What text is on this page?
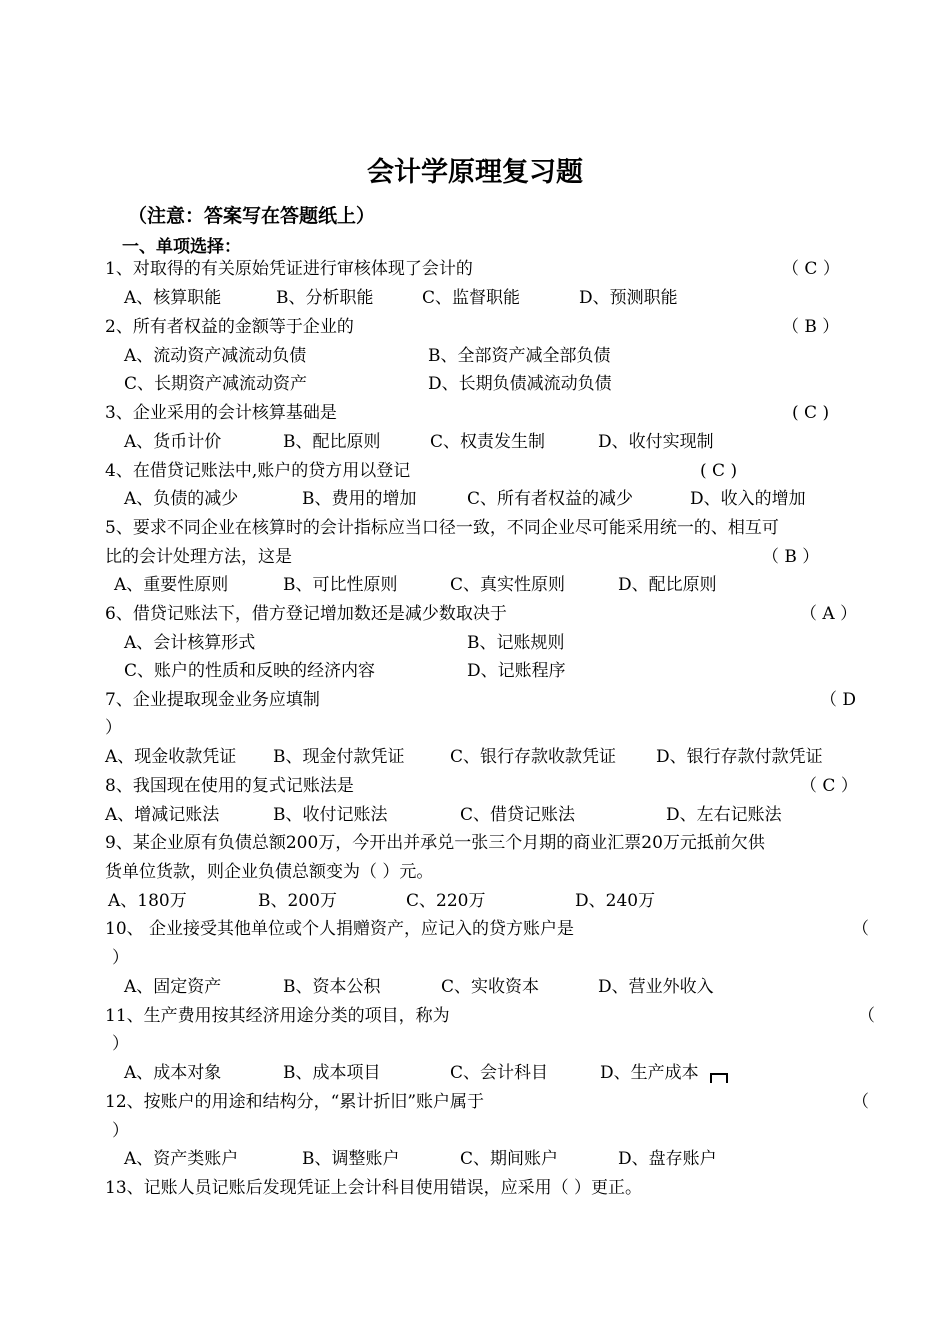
会计学原理复习题
（注意：答案写在答题纸上）
一、单项选择：
1、对取得的有关原始凭证进行审核体现了会计的	（ C ）
A、核算职能	B、分析职能	C、监督职能	D、预测职能
2、所有者权益的金额等于企业的	（ B ）
A、流动资产减流动负债	B、全部资产减全部负债
C、长期资产减流动资产	D、长期负债减流动负债
3、企业采用的会计核算基础是	( C )
A、货币计价	B、配比原则	C、权责发生制	D、收付实现制
4、在借贷记账法中,账户的贷方用以登记	( C )
A、负债的减少	B、费用的增加	C、所有者权益的减少	D、收入的增加
5、要求不同企业在核算时的会计指标应当口径一致，不同企业尽可能采用统一的、相互可
比的会计处理方法，这是	（ B ）
A、重要性原则	B、可比性原则	C、真实性原则	D、配比原则
6、借贷记账法下，借方登记增加数还是减少数取决于	（ A ）
A、会计核算形式	B、记账规则
C、账户的性质和反映的经济内容	D、记账程序
7、企业提取现金业务应填制	（ D
）
A、现金收款凭证 B、现金付款凭证	C、银行存款收款凭证 D、银行存款付款凭证
8、我国现在使用的复式记账法是	（ C ）
A、增减记账法	B、收付记账法	C、借贷记账法	D、左右记账法
9、某企业原有负债总额200万，今开出并承兑一张三个月期的商业汇票20万元抵前欠供
货单位货款，则企业负债总额变为（ ）元。
A、180万	B、200万	C、220万	D、240万
10、 企业接受其他单位或个人捐赠资产，应记入的贷方账户是	（
）
A、固定资产	B、资本公积	C、实收资本	D、营业外收入
11、生产费用按其经济用途分类的项目，称为	（
）
A、成本对象	B、成本项目	C、会计科目	D、生产成本
12、按账户的用途和结构分，“累计折旧”账户属于	（
）
A、资产类账户	B、调整账户	C、期间账户	D、盘存账户
13、记账人员记账后发现凭证上会计科目使用错误，应采用（ ）更正。
